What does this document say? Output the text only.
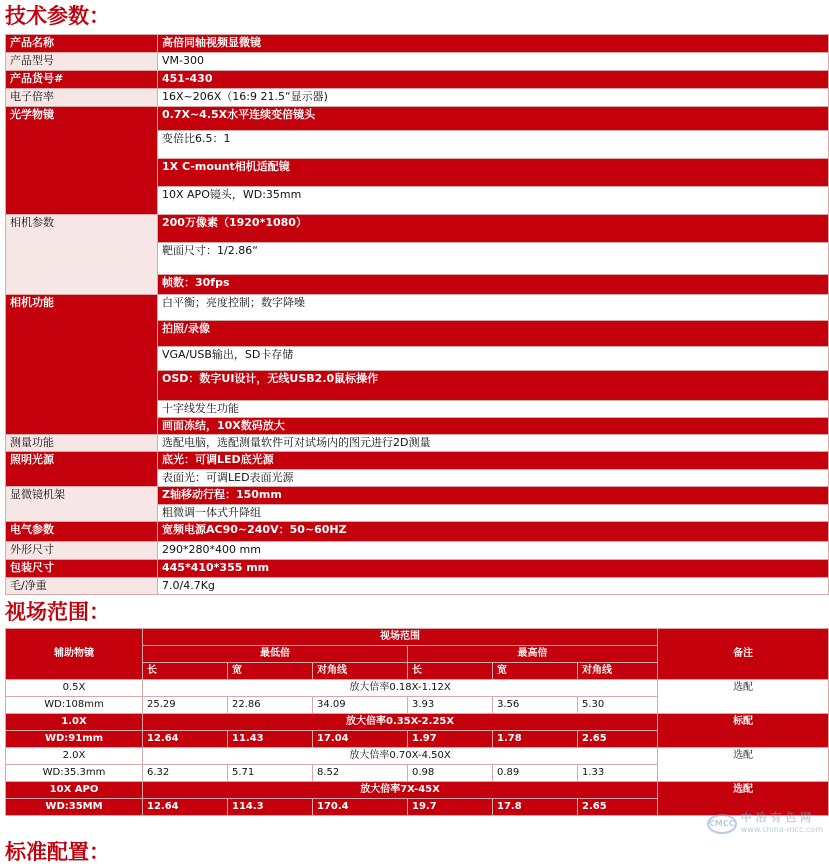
技术参数：
产品名称	高倍同轴视频显微镜
产品型号	VM-300
产品货号#	451-430
电子倍率	16X~206X（16:9 21.5“显示器)
光学物镜	0.7X~4.5X水平连续变倍镜头
	变倍比6.5：1
	1X C-mount相机适配镜
	10X APO镜头，WD:35mm
相机参数	200万像素（1920*1080）
	靶面尺寸：1/2.86“
	帧数：30fps
相机功能	白平衡；亮度控制；数字降噪
	拍照/录像
	VGA/USB输出，SD卡存储
	OSD：数字UI设计，无线USB2.0鼠标操作
	十字线发生功能
	画面冻结，10X数码放大
测量功能	选配电脑，选配测量软件可对试场内的图元进行2D测量
照明光源	底光：可调LED底光源
	表面光：可调LED表面光源
显微镜机架	Z轴移动行程：150mm
	粗微调一体式升降组
电气参数	宽频电源AC90~240V：50~60HZ
外形尺寸	290*280*400 mm
包装尺寸	445*410*355 mm
毛/净重	7.0/4.7Kg
视场范围：
辅助物镜	视场范围						备注
	最低倍			最高倍			
	长	宽	对角线	长	宽	对角线	
0.5X	放大倍率0.18X-1.12X						选配
WD:108mm	25.29	22.86	34.09	3.93	3.56	5.30	
1.0X	放大倍率0.35X-2.25X						标配
WD:91mm	12.64	11.43	17.04	1.97	1.78	2.65	
2.0X	放大倍率0.70X-4.50X						选配
WD:35.3mm	6.32	5.71	8.52	0.98	0.89	1.33	
10X APO	放大倍率7X-45X						选配
WD:35MM	12.64	114.3	170.4	19.7	17.8	2.65	
标准配置：
CMCC 中 冶 有 色 网
www.china-mcc.com
